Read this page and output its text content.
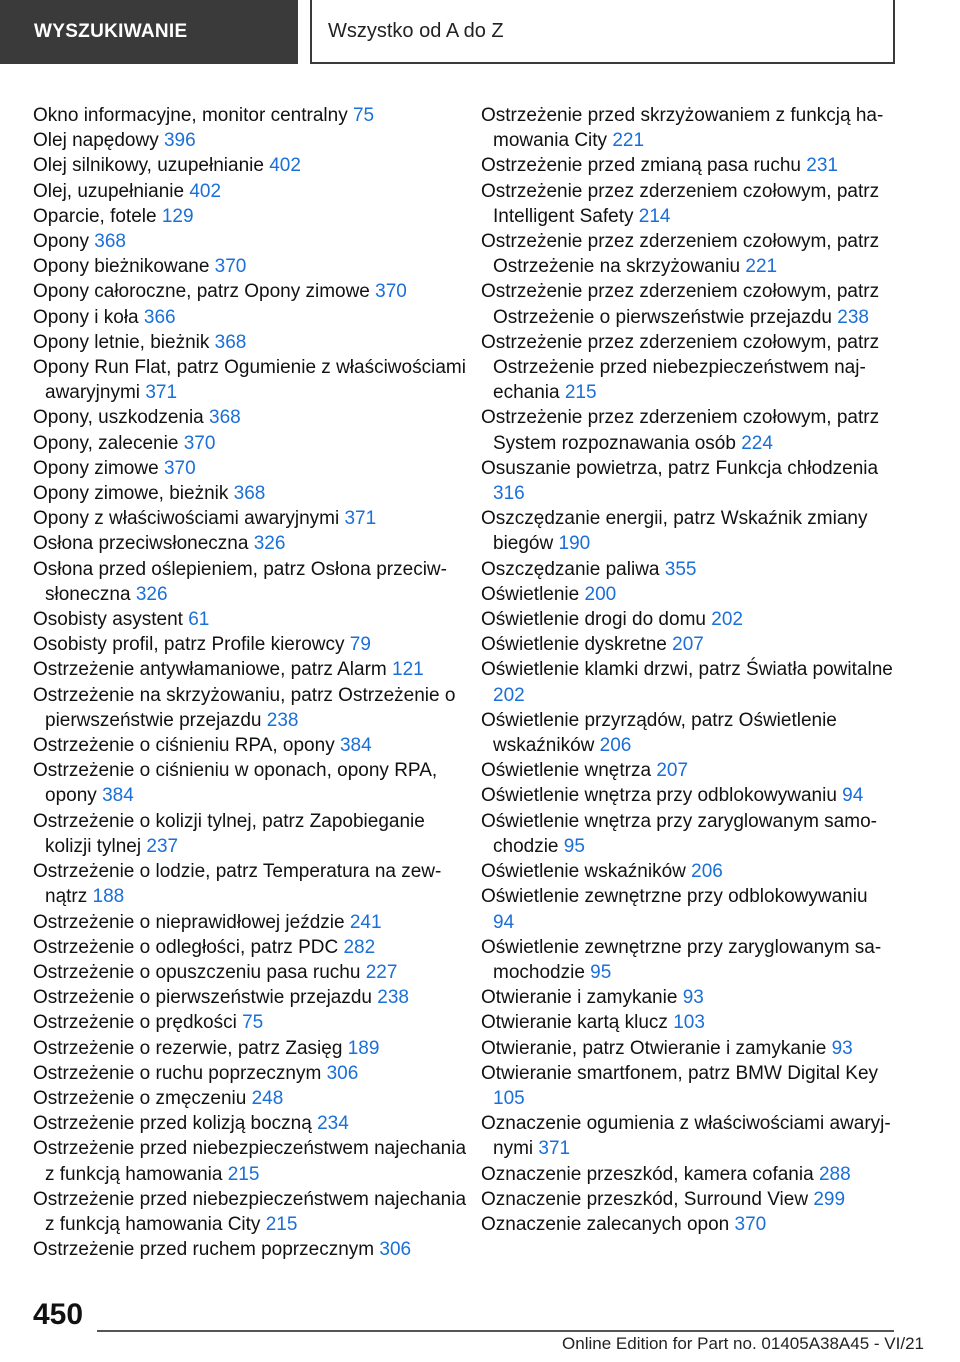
WYSZUKIWANIE	Wszystko od A do Z
Okno informacyjne, monitor centralny 75
Olej napędowy 396
Olej silnikowy, uzupełnianie 402
Olej, uzupełnianie 402
Oparcie, fotele 129
Opony 368
Opony bieżnikowane 370
Opony całoroczne, patrz Opony zimowe 370
Opony i koła 366
Opony letnie, bieżnik 368
Opony Run Flat, patrz Ogumienie z właściwościami awaryjnymi 371
Opony, uszkodzenia 368
Opony, zalecenie 370
Opony zimowe 370
Opony zimowe, bieżnik 368
Opony z właściwościami awaryjnymi 371
Osłona przeciwsłoneczna 326
Osłona przed oślepieniem, patrz Osłona przeciwsłoneczna 326
Osobisty asystent 61
Osobisty profil, patrz Profile kierowcy 79
Ostrzeżenie antywłamaniowe, patrz Alarm 121
Ostrzeżenie na skrzyżowaniu, patrz Ostrzeżenie o pierwszeństwie przejazdu 238
Ostrzeżenie o ciśnieniu RPA, opony 384
Ostrzeżenie o ciśnieniu w oponach, opony RPA, opony 384
Ostrzeżenie o kolizji tylnej, patrz Zapobieganie kolizji tylnej 237
Ostrzeżenie o lodzie, patrz Temperatura na zewnątrz 188
Ostrzeżenie o nieprawidłowej jeździe 241
Ostrzeżenie o odległości, patrz PDC 282
Ostrzeżenie o opuszczeniu pasa ruchu 227
Ostrzeżenie o pierwszeństwie przejazdu 238
Ostrzeżenie o prędkości 75
Ostrzeżenie o rezerwie, patrz Zasięg 189
Ostrzeżenie o ruchu poprzecznym 306
Ostrzeżenie o zmęczeniu 248
Ostrzeżenie przed kolizją boczną 234
Ostrzeżenie przed niebezpieczeństwem najechania z funkcją hamowania 215
Ostrzeżenie przed niebezpieczeństwem najechania z funkcją hamowania City 215
Ostrzeżenie przed ruchem poprzecznym 306
Ostrzeżenie przed skrzyżowaniem z funkcją hamowania City 221
Ostrzeżenie przed zmianą pasa ruchu 231
Ostrzeżenie przez zderzeniem czołowym, patrz Intelligent Safety 214
Ostrzeżenie przez zderzeniem czołowym, patrz Ostrzeżenie na skrzyżowaniu 221
Ostrzeżenie przez zderzeniem czołowym, patrz Ostrzeżenie o pierwszeństwie przejazdu 238
Ostrzeżenie przez zderzeniem czołowym, patrz Ostrzeżenie przed niebezpieczeństwem najechania 215
Ostrzeżenie przez zderzeniem czołowym, patrz System rozpoznawania osób 224
Osuszanie powietrza, patrz Funkcja chłodzenia 316
Oszczędzanie energii, patrz Wskaźnik zmiany biegów 190
Oszczędzanie paliwa 355
Oświetlenie 200
Oświetlenie drogi do domu 202
Oświetlenie dyskretne 207
Oświetlenie klamki drzwi, patrz Światła powitalne 202
Oświetlenie przyrządów, patrz Oświetlenie wskaźników 206
Oświetlenie wnętrza 207
Oświetlenie wnętrza przy odblokowywaniu 94
Oświetlenie wnętrza przy zaryglowanym samochodzie 95
Oświetlenie wskaźników 206
Oświetlenie zewnętrzne przy odblokowywaniu 94
Oświetlenie zewnętrzne przy zaryglowanym samochodzie 95
Otwieranie i zamykanie 93
Otwieranie kartą klucz 103
Otwieranie, patrz Otwieranie i zamykanie 93
Otwieranie smartfonem, patrz BMW Digital Key 105
Oznaczenie ogumienia z właściwościami awaryjnymi 371
Oznaczenie przeszkód, kamera cofania 288
Oznaczenie przeszkód, Surround View 299
Oznaczenie zalecanych opon 370
450
Online Edition for Part no. 01405A38A45 - VI/21
